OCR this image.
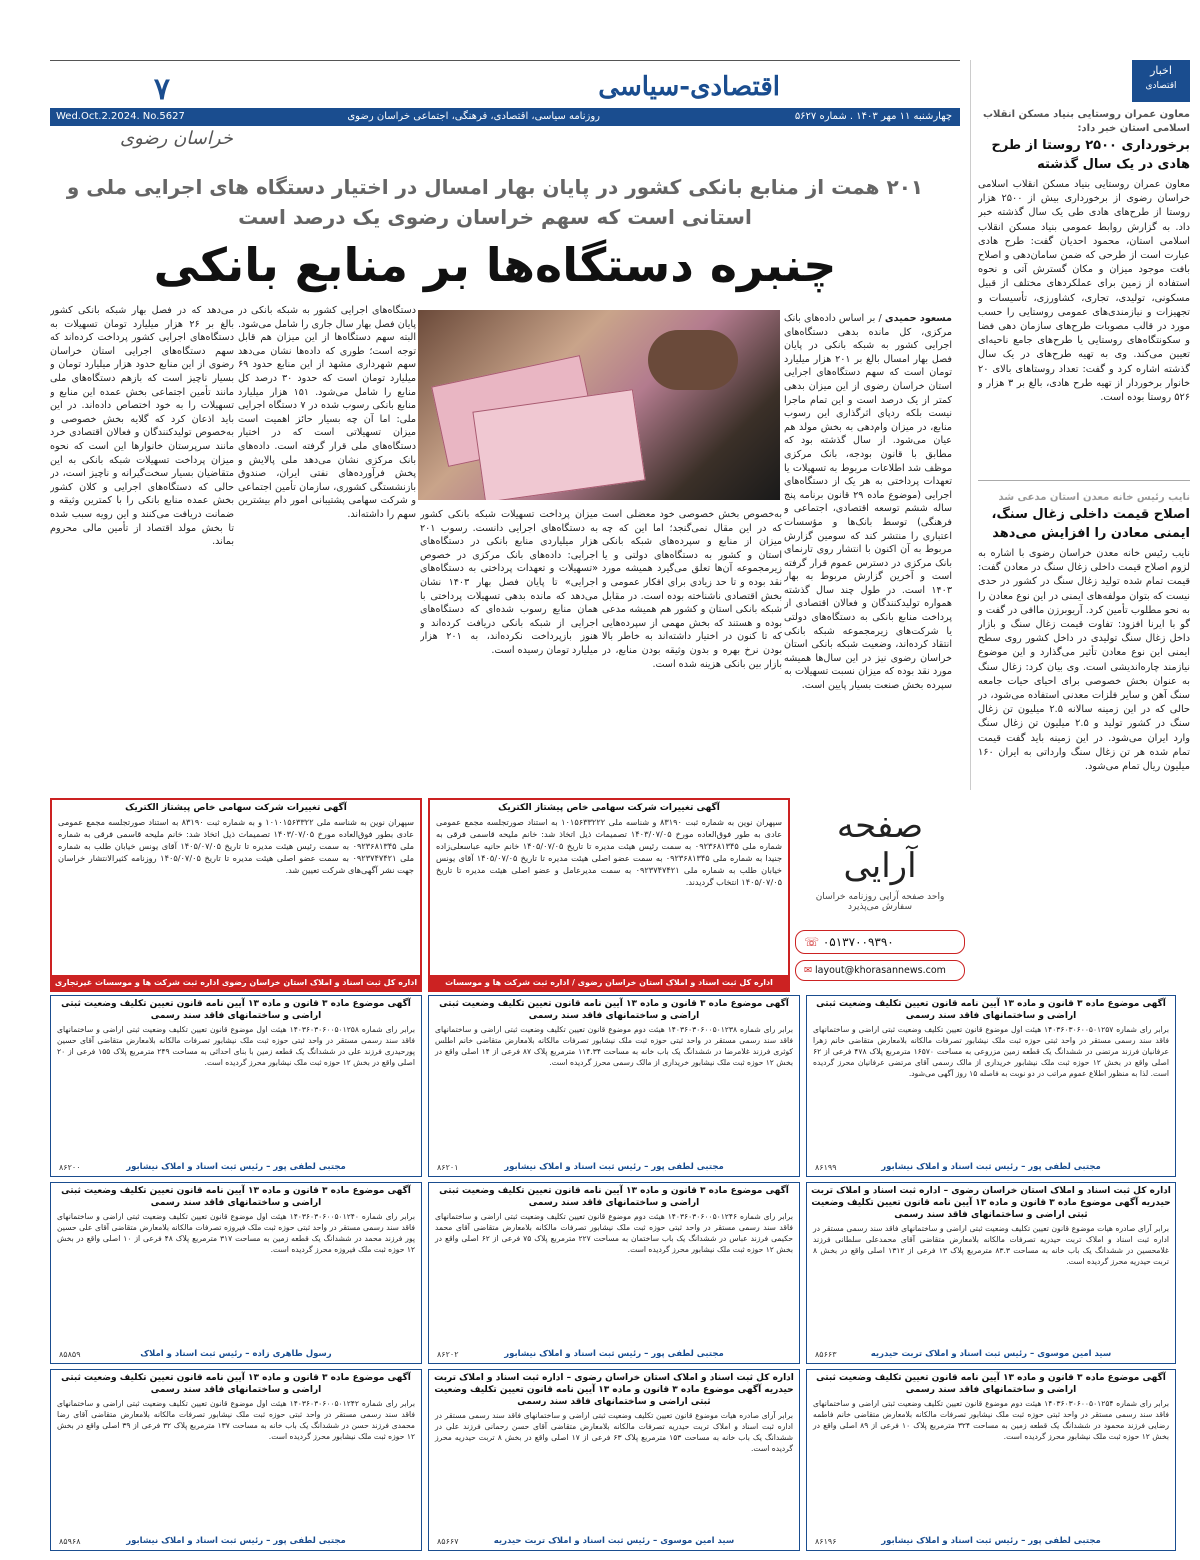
اقتصادی-سیاسی
۷
Wed.Oct.2.2024. No.5627	روزنامه سیاسی، اقتصادی، فرهنگی، اجتماعی خراسان رضوی	چهارشنبه ۱۱ مهر ۱۴۰۳ . شماره ۵۶۲۷
خراسان رضوی
۲۰۱ همت از منابع بانکی کشور در پایان بهار امسال در اختیار دستگاه های اجرایی ملی و استانی است که سهم خراسان رضوی یک درصد است
چنبره دستگاه‌ها بر منابع بانکی
مسعود حمیدی / بر اساس داده‌های بانک مرکزی، کل مانده بدهی دستگاه‌های اجرایی کشور به شبکه بانکی در پایان فصل بهار امسال بالغ بر ۲۰۱ هزار میلیارد تومان است که سهم دستگاه‌های اجرایی استان خراسان رضوی از این میزان بدهی کمتر از یک درصد است و این تمام ماجرا نیست بلکه ردپای اثرگذاری این رسوب منابع، در میزان وام‌دهی به بخش مولد هم عیان می‌شود. از سال گذشته بود که مطابق با قانون بودجه، بانک مرکزی موظف شد اطلاعات مربوط به تسهیلات یا تعهدات پرداختی به هر یک از دستگاه‌های اجرایی (موضوع ماده ۲۹ قانون برنامه پنج ساله ششم توسعه اقتصادی، اجتماعی و فرهنگی) توسط بانک‌ها و مؤسسات اعتباری را منتشر کند که سومین گزارش مربوط به آن اکنون با انتشار روی تارنمای بانک مرکزی در دسترس عموم قرار گرفته است و آخرین گزارش مربوط به بهار ۱۴۰۳ است. در طول چند سال گذشته همواره تولیدکنندگان و فعالان اقتصادی از پرداخت منابع بانکی به دستگاه‌های دولتی یا شرکت‌های زیرمجموعه شبکه بانکی انتقاد کرده‌اند، وضعیت شبکه بانکی استان خراسان رضوی نیز در این سال‌ها همیشه مورد نقد بوده که میزان نسبت تسهیلات به سپرده بخش صنعت بسیار پایین است.
به‌خصوص بخش خصوصی خود معضلی است که در این مقال نمی‌گنجد؛ اما این که چه میزان از منابع و سپرده‌های شبکه بانکی استان و کشور به دستگاه‌های دولتی و یا زیرمجموعه آن‌ها تعلق می‌گیرد همیشه مورد نقد بوده و تا حد زیادی برای افکار عمومی و بخش اقتصادی ناشناخته بوده است. در مقابل شبکه بانکی استان و کشور هم همیشه مدعی بوده و هستند که بخش مهمی از سپرده‌هایی که تا کنون در اختیار داشته‌اند به خاطر بالا بودن نرخ بهره و بدون وثیقه بودن منابع، در بازار بین بانکی هزینه شده است.
میزان پرداخت تسهیلات شبکه بانکی کشور به دستگاه‌های اجرایی دانست. رسوب ۲۰۱ هزار میلیاردی منابع بانکی در دستگاه‌های اجرایی: داده‌های بانک مرکزی در خصوص «تسهیلات و تعهدات پرداختی به دستگاه‌های اجرایی» تا پایان فصل بهار ۱۴۰۳ نشان می‌دهد که مانده بدهی تسهیلات پرداختی با همان منابع رسوب شده‌ای که دستگاه‌های اجرایی از شبکه بانکی دریافت کرده‌اند و هنوز بازپرداخت نکرده‌اند، به ۲۰۱ هزار میلیارد تومان رسیده است.
دستگاه‌های اجرایی کشور به شبکه بانکی در پایان فصل بهار سال جاری را شامل می‌شود. البته سهم دستگاه‌ها از این میزان هم قابل توجه است؛ طوری که داده‌ها نشان می‌دهد سهم شهرداری مشهد از این منابع حدود ۶۹ میلیارد تومان است که حدود ۳۰ درصد کل منابع را شامل می‌شود. ۱۵۱ هزار میلیارد منابع بانکی رسوب شده در ۷ دستگاه اجرایی ملی: اما آن چه بسیار حائز اهمیت است میزان تسهیلاتی است که در اختیار دستگاه‌های ملی قرار گرفته است. داده‌های بانک مرکزی نشان می‌دهد ملی پالایش و پخش فرآورده‌های نفتی ایران، صندوق بازنشستگی کشوری، سازمان تأمین اجتماعی و شرکت سهامی پشتیبانی امور دام بیشترین سهم را داشته‌اند.
می‌دهد که در فصل بهار شبکه بانکی کشور بالغ بر ۲۶ هزار میلیارد تومان تسهیلات به دستگاه‌های اجرایی کشور پرداخت کرده‌اند که سهم دستگاه‌های اجرایی استان خراسان رضوی از این منابع حدود هزار میلیارد تومان و بسیار ناچیز است که بازهم دستگاه‌های ملی مانند تأمین اجتماعی بخش عمده این منابع و تسهیلات را به خود اختصاص داده‌اند. در این باید اذعان کرد که گلایه بخش خصوصی و به‌خصوص تولیدکنندگان و فعالان اقتصادی خرد مانند سرپرستان خانوارها این است که نحوه میزان پرداخت تسهیلات شبکه بانکی به این متقاضیان بسیار سخت‌گیرانه و ناچیز است، در حالی که دستگاه‌های اجرایی و کلان کشور بخش عمده منابع بانکی را با کمترین وثیقه و ضمانت دریافت می‌کنند و این رویه سبب شده تا بخش مولد اقتصاد از تأمین مالی محروم بماند.
اخبار
اقتصادی
معاون عمران روستایی بنیاد مسکن انقلاب اسلامی استان خبر داد:
برخورداری ۲۵۰۰ روستا از طرح هادی در یک سال گذشته
معاون عمران روستایی بنیاد مسکن انقلاب اسلامی خراسان رضوی از برخورداری بیش از ۲۵۰۰ هزار روستا از طرح‌های هادی طی یک سال گذشته خبر داد. به گزارش روابط عمومی بنیاد مسکن انقلاب اسلامی استان، محمود احدیان گفت: طرح هادی عبارت است از طرحی که ضمن سامان‌دهی و اصلاح بافت موجود میزان و مکان گسترش آتی و نحوه استفاده از زمین برای عملکردهای مختلف از قبیل مسکونی، تولیدی، تجاری، کشاورزی، تأسیسات و تجهیزات و نیازمندی‌های عمومی روستایی را حسب مورد در قالب مصوبات طرح‌های سازمان دهی فضا و سکونتگاه‌های روستایی یا طرح‌های جامع ناحیه‌ای تعیین می‌کند. وی به تهیه طرح‌های در یک سال گذشته اشاره کرد و گفت: تعداد روستاهای بالای ۲۰ خانوار برخوردار از تهیه طرح هادی، بالغ بر ۳ هزار و ۵۲۶ روستا بوده است.
نایب رئیس خانه معدن استان مدعی شد
اصلاح قیمت داخلی زغال سنگ، ایمنی معادن را افزایش می‌دهد
نایب رئیس خانه معدن خراسان رضوی با اشاره به لزوم اصلاح قیمت داخلی زغال سنگ در معادن گفت: قیمت تمام شده تولید زغال سنگ در کشور در حدی نیست که بتوان مولفه‌های ایمنی در این نوع معادن را به نحو مطلوب تأمین کرد. آریوبرزن ماافی در گفت و گو با ایرنا افزود: تفاوت قیمت زغال سنگ و بازار داخل زغال سنگ تولیدی در داخل کشور روی سطح ایمنی این نوع معادن تأثیر می‌گذارد و این موضوع نیازمند چاره‌اندیشی است. وی بیان کرد: زغال سنگ به عنوان بخش خصوصی برای احیای حیات جامعه سنگ آهن و سایر فلزات معدنی استفاده می‌شود، در حالی که در این زمینه سالانه ۲.۵ میلیون تن زغال سنگ در کشور تولید و ۲.۵ میلیون تن زغال سنگ وارد ایران می‌شود. در این زمینه باید گفت قیمت تمام شده هر تن زغال سنگ وارداتی به ایران ۱۶۰ میلیون ریال تمام می‌شود.
صفحه آرایی
واحد صفحه آرایی روزنامه خراسان
سفارش می‌پذیرد
☏ ۰۵۱۳۷۰۰۹۳۹۰
✉ layout@khorasannews.com
آگهی تغییرات شرکت سهامی خاص پیشتاز الکتریک
سپهران نوین به شماره ثبت ۸۳۱۹۰ و شناسه ملی ۱۰۱۵۶۳۳۲۲۲ به استناد صورتجلسه مجمع عمومی عادی به طور فوق‌العاده مورخ ۱۴۰۳/۰۷/۰۵ تصمیمات ذیل اتخاذ شد: خانم ملیحه قاسمی فرقی به شماره ملی ۰۹۲۳۶۸۱۳۴۵ به سمت رئیس هیئت مدیره تا تاریخ ۱۴۰۵/۰۷/۰۵ خانم حانیه عباسعلی‌زاده جنیدا به شماره ملی ۰۹۲۳۶۸۱۳۴۵ به سمت عضو اصلی هیئت مدیره تا تاریخ ۱۴۰۵/۰۷/۰۵ آقای یونس خیابان طلب به شماره ملی ۰۹۲۳۷۴۷۴۲۱ به سمت مدیرعامل و عضو اصلی هیئت مدیره تا تاریخ ۱۴۰۵/۰۷/۰۵ انتخاب گردیدند.
اداره کل ثبت اسناد و املاک استان خراسان رضوی / اداره ثبت شرکت ها و موسسات
آگهی تغییرات شرکت سهامی خاص پیشتاز الکتریک
سپهران نوین به شناسه ملی ۱۰۱۰۱۵۶۳۳۲۲ و به شماره ثبت ۸۳۱۹۰ به استناد صورتجلسه مجمع عمومی عادی بطور فوق‌العاده مورخ ۱۴۰۳/۰۷/۰۵ تصمیمات ذیل اتخاذ شد: خانم ملیحه قاسمی فرقی به شماره ملی ۰۹۲۳۶۸۱۳۴۵ به سمت رئیس هیئت مدیره تا تاریخ ۱۴۰۵/۰۷/۰۵ آقای یونس خیابان طلب به شماره ملی ۰۹۲۳۷۴۷۴۲۱ به سمت عضو اصلی هیئت مدیره تا تاریخ ۱۴۰۵/۰۷/۰۵ روزنامه کثیرالانتشار خراسان جهت نشر آگهی‌های شرکت تعیین شد.
اداره کل ثبت اسناد و املاک استان خراسان رضوی اداره ثبت شرکت ها و موسسات غیرتجاری
آگهی موضوع ماده ۳ قانون و ماده ۱۳ آیین نامه قانون تعیین تکلیف وضعیت ثبتی اراضی و ساختمانهای فاقد سند رسمی
برابر رای شماره ۱۴۰۳۶۰۳۰۶۰۰۵۰۱۲۵۷ هیئت اول موضوع قانون تعیین تکلیف وضعیت ثبتی اراضی و ساختمانهای فاقد سند رسمی مستقر در واحد ثبتی حوزه ثبت ملک نیشابور تصرفات مالکانه بلامعارض متقاضی خانم زهرا عرفانیان فرزند مرتضی در ششدانگ یک قطعه زمین مزروعی به مساحت ۱۶۵۷۰ مترمربع پلاک ۴۷۸ فرعی از ۶۲ اصلی واقع در بخش ۱۲ حوزه ثبت ملک نیشابور خریداری از مالک رسمی آقای مرتضی عرفانیان محرز گردیده است. لذا به منظور اطلاع عموم مراتب در دو نوبت به فاصله ۱۵ روز آگهی می‌شود.
مجتبی لطفی پور – رئیس ثبت اسناد و املاک نیشابور
۸۶۱۹۹
آگهی موضوع ماده ۳ قانون و ماده ۱۳ آیین نامه قانون تعیین تکلیف وضعیت ثبتی اراضی و ساختمانهای فاقد سند رسمی
برابر رای شماره ۱۴۰۳۶۰۳۰۶۰۰۵۰۱۲۳۸ هیئت دوم موضوع قانون تعیین تکلیف وضعیت ثبتی اراضی و ساختمانهای فاقد سند رسمی مستقر در واحد ثبتی حوزه ثبت ملک نیشابور تصرفات مالکانه بلامعارض متقاضی خانم اطلس کوثری فرزند غلامرضا در ششدانگ یک باب خانه به مساحت ۱۱۴.۳۴ مترمربع پلاک ۸۷ فرعی از ۱۴ اصلی واقع در بخش ۱۲ حوزه ثبت ملک نیشابور خریداری از مالک رسمی محرز گردیده است.
مجتبی لطفی پور – رئیس ثبت اسناد و املاک نیشابور
۸۶۲۰۱
آگهی موضوع ماده ۳ قانون و ماده ۱۳ آیین نامه قانون تعیین تکلیف وضعیت ثبتی اراضی و ساختمانهای فاقد سند رسمی
برابر رای شماره ۱۴۰۳۶۰۳۰۶۰۰۵۰۱۲۵۸ هیئت اول موضوع قانون تعیین تکلیف وضعیت ثبتی اراضی و ساختمانهای فاقد سند رسمی مستقر در واحد ثبتی حوزه ثبت ملک نیشابور تصرفات مالکانه بلامعارض متقاضی آقای حسین پورحیدری فرزند علی در ششدانگ یک قطعه زمین با بنای احداثی به مساحت ۲۴۹ مترمربع پلاک ۱۵۵ فرعی از ۲۰ اصلی واقع در بخش ۱۲ حوزه ثبت ملک نیشابور محرز گردیده است.
مجتبی لطفی پور – رئیس ثبت اسناد و املاک نیشابور
۸۶۲۰۰
اداره کل ثبت اسناد و املاک استان خراسان رضوی – اداره ثبت اسناد و املاک تربت حیدریه آگهی موضوع ماده ۳ قانون و ماده ۱۳ آیین نامه قانون تعیین تکلیف وضعیت ثبتی اراضی و ساختمانهای فاقد سند رسمی
برابر آرای صادره هیات موضوع قانون تعیین تکلیف وضعیت ثبتی اراضی و ساختمانهای فاقد سند رسمی مستقر در اداره ثبت اسناد و املاک تربت حیدریه تصرفات مالکانه بلامعارض متقاضی آقای محمدعلی سلطانی فرزند غلامحسین در ششدانگ یک باب خانه به مساحت ۸۳.۳ مترمربع پلاک ۱۳ فرعی از ۱۳۱۲ اصلی واقع در بخش ۸ تربت حیدریه محرز گردیده است.
سید امین موسوی – رئیس ثبت اسناد و املاک تربت حیدریه
۸۵۶۶۳
آگهی موضوع ماده ۳ قانون و ماده ۱۳ آیین نامه قانون تعیین تکلیف وضعیت ثبتی اراضی و ساختمانهای فاقد سند رسمی
برابر رای شماره ۱۴۰۳۶۰۳۰۶۰۰۵۰۱۲۴۶ هیئت دوم موضوع قانون تعیین تکلیف وضعیت ثبتی اراضی و ساختمانهای فاقد سند رسمی مستقر در واحد ثبتی حوزه ثبت ملک نیشابور تصرفات مالکانه بلامعارض متقاضی آقای محمد حکیمی فرزند عباس در ششدانگ یک باب ساختمان به مساحت ۲۲۷ مترمربع پلاک ۷۵ فرعی از ۶۲ اصلی واقع در بخش ۱۲ حوزه ثبت ملک نیشابور محرز گردیده است.
مجتبی لطفی پور – رئیس ثبت اسناد و املاک نیشابور
۸۶۲۰۲
آگهی موضوع ماده ۳ قانون و ماده ۱۳ آیین نامه قانون تعیین تکلیف وضعیت ثبتی اراضی و ساختمانهای فاقد سند رسمی
برابر رای شماره ۱۴۰۳۶۰۳۰۶۰۰۵۰۱۲۴۰ هیئت اول موضوع قانون تعیین تکلیف وضعیت ثبتی اراضی و ساختمانهای فاقد سند رسمی مستقر در واحد ثبتی حوزه ثبت ملک فیروزه تصرفات مالکانه بلامعارض متقاضی آقای علی حسین پور فرزند محمد در ششدانگ یک قطعه زمین به مساحت ۳۱۷ مترمربع پلاک ۴۸ فرعی از ۱۰ اصلی واقع در بخش ۱۲ حوزه ثبت ملک فیروزه محرز گردیده است.
رسول طاهری زاده – رئیس ثبت اسناد و املاک
۸۵۸۵۹
آگهی موضوع ماده ۳ قانون و ماده ۱۳ آیین نامه قانون تعیین تکلیف وضعیت ثبتی اراضی و ساختمانهای فاقد سند رسمی
برابر رای شماره ۱۴۰۳۶۰۳۰۶۰۰۵۰۱۲۵۴ هیئت دوم موضوع قانون تعیین تکلیف وضعیت ثبتی اراضی و ساختمانهای فاقد سند رسمی مستقر در واحد ثبتی حوزه ثبت ملک نیشابور تصرفات مالکانه بلامعارض متقاضی خانم فاطمه رضایی فرزند محمود در ششدانگ یک قطعه زمین به مساحت ۳۲۴ مترمربع پلاک ۱۰ فرعی از ۸۹ اصلی واقع در بخش ۱۲ حوزه ثبت ملک نیشابور محرز گردیده است.
مجتبی لطفی پور – رئیس ثبت اسناد و املاک نیشابور
۸۶۱۹۶
اداره کل ثبت اسناد و املاک استان خراسان رضوی – اداره ثبت اسناد و املاک تربت حیدریه آگهی موضوع ماده ۳ قانون و ماده ۱۳ آیین نامه قانون تعیین تکلیف وضعیت ثبتی اراضی و ساختمانهای فاقد سند رسمی
برابر آرای صادره هیات موضوع قانون تعیین تکلیف وضعیت ثبتی اراضی و ساختمانهای فاقد سند رسمی مستقر در اداره ثبت اسناد و املاک تربت حیدریه تصرفات مالکانه بلامعارض متقاضی آقای حسن رحمانی فرزند علی در ششدانگ یک باب خانه به مساحت ۱۵۳ مترمربع پلاک ۶۳ فرعی از ۱۷ اصلی واقع در بخش ۸ تربت حیدریه محرز گردیده است.
سید امین موسوی – رئیس ثبت اسناد و املاک تربت حیدریه
۸۵۶۶۷
آگهی موضوع ماده ۳ قانون و ماده ۱۳ آیین نامه قانون تعیین تکلیف وضعیت ثبتی اراضی و ساختمانهای فاقد سند رسمی
برابر رای شماره ۱۴۰۳۶۰۳۰۶۰۰۵۰۱۲۴۲ هیئت اول موضوع قانون تعیین تکلیف وضعیت ثبتی اراضی و ساختمانهای فاقد سند رسمی مستقر در واحد ثبتی حوزه ثبت ملک نیشابور تصرفات مالکانه بلامعارض متقاضی آقای رضا محمدی فرزند حسن در ششدانگ یک باب خانه به مساحت ۱۳۷ مترمربع پلاک ۳۲ فرعی از ۳۹ اصلی واقع در بخش ۱۲ حوزه ثبت ملک نیشابور محرز گردیده است.
مجتبی لطفی پور – رئیس ثبت اسناد و املاک نیشابور
۸۵۹۶۸
